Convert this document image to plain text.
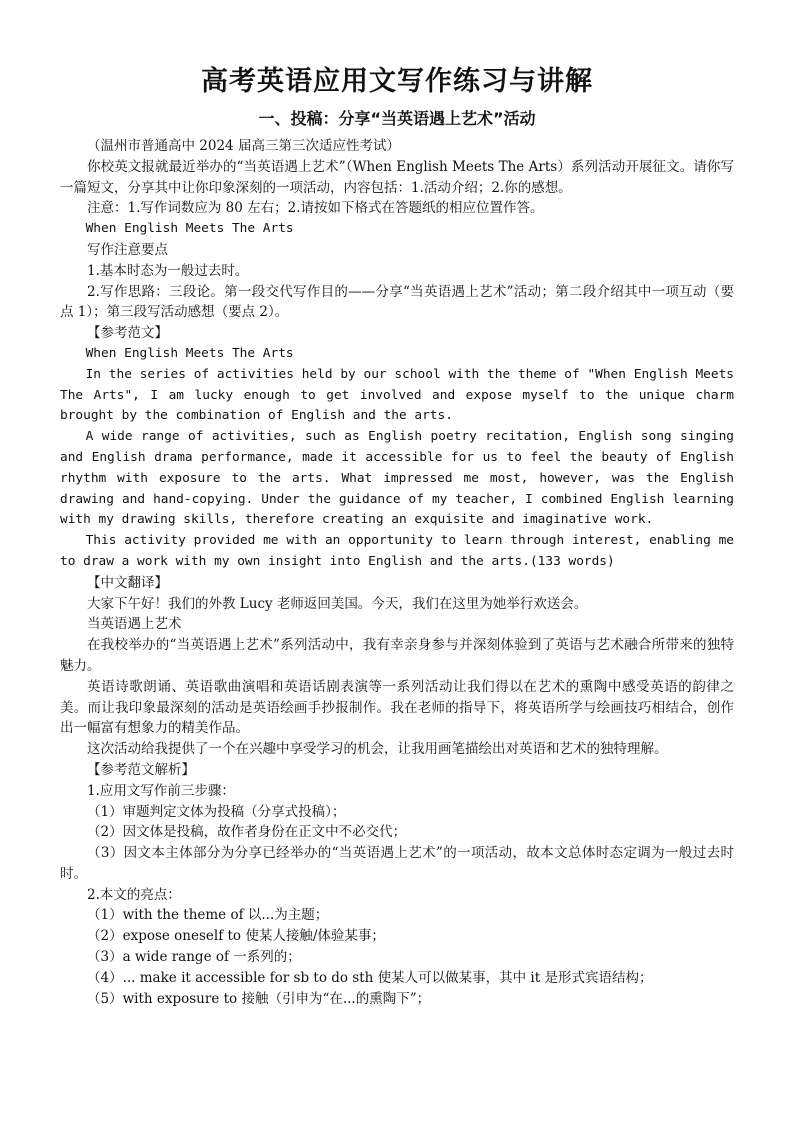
高考英语应用文写作练习与讲解
一、投稿：分享“当英语遇上艺术”活动

（温州市普通高中 2024 届高三第三次适应性考试）

你校英文报就最近举办的“当英语遇上艺术”（When English Meets The Arts）系列活动开展征文。请你写一篇短文，分享其中让你印象深刻的一项活动，内容包括：1.活动介绍；2.你的感想。

注意：1.写作词数应为 80 左右；2.请按如下格式在答题纸的相应位置作答。

When English Meets The Arts

写作注意要点

1.基本时态为一般过去时。

2.写作思路：三段论。第一段交代写作目的——分享“当英语遇上艺术”活动；第二段介绍其中一项互动（要点 1）；第三段写活动感想（要点 2）。

【参考范文】

When English Meets The Arts

In the series of activities held by our school with the theme of "When English Meets The Arts", I am lucky enough to get involved and expose myself to the unique charm brought by the combination of English and the arts.

A wide range of activities, such as English poetry recitation, English song singing and English drama performance, made it accessible for us to feel the beauty of English rhythm with exposure to the arts. What impressed me most, however, was the English drawing and hand-copying. Under the guidance of my teacher, I combined English learning with my drawing skills, therefore creating an exquisite and imaginative work.

This activity provided me with an opportunity to learn through interest, enabling me to draw a work with my own insight into English and the arts.(133 words)

【中文翻译】

大家下午好！我们的外教 Lucy 老师返回美国。今天，我们在这里为她举行欢送会。

当英语遇上艺术

在我校举办的“当英语遇上艺术”系列活动中，我有幸亲身参与并深刻体验到了英语与艺术融合所带来的独特魅力。

英语诗歌朗诵、英语歌曲演唱和英语话剧表演等一系列活动让我们得以在艺术的熏陶中感受英语的韵律之美。而让我印象最深刻的活动是英语绘画手抄报制作。我在老师的指导下，将英语所学与绘画技巧相结合，创作出一幅富有想象力的精美作品。

这次活动给我提供了一个在兴趣中享受学习的机会，让我用画笔描绘出对英语和艺术的独特理解。

【参考范文解析】

1.应用文写作前三步骤：

（1）审题判定文体为投稿（分享式投稿）；

（2）因文体是投稿，故作者身份在正文中不必交代；

（3）因文本主体部分为分享已经举办的“当英语遇上艺术”的一项活动，故本文总体时态定调为一般过去时时。

2.本文的亮点：

（1）with the theme of 以...为主题；

（2）expose oneself to 使某人接触/体验某事；

（3）a wide range of 一系列的；

（4）... make it accessible for sb to do sth 使某人可以做某事，其中 it 是形式宾语结构；

（5）with exposure to 接触（引申为“在...的熏陶下”；
